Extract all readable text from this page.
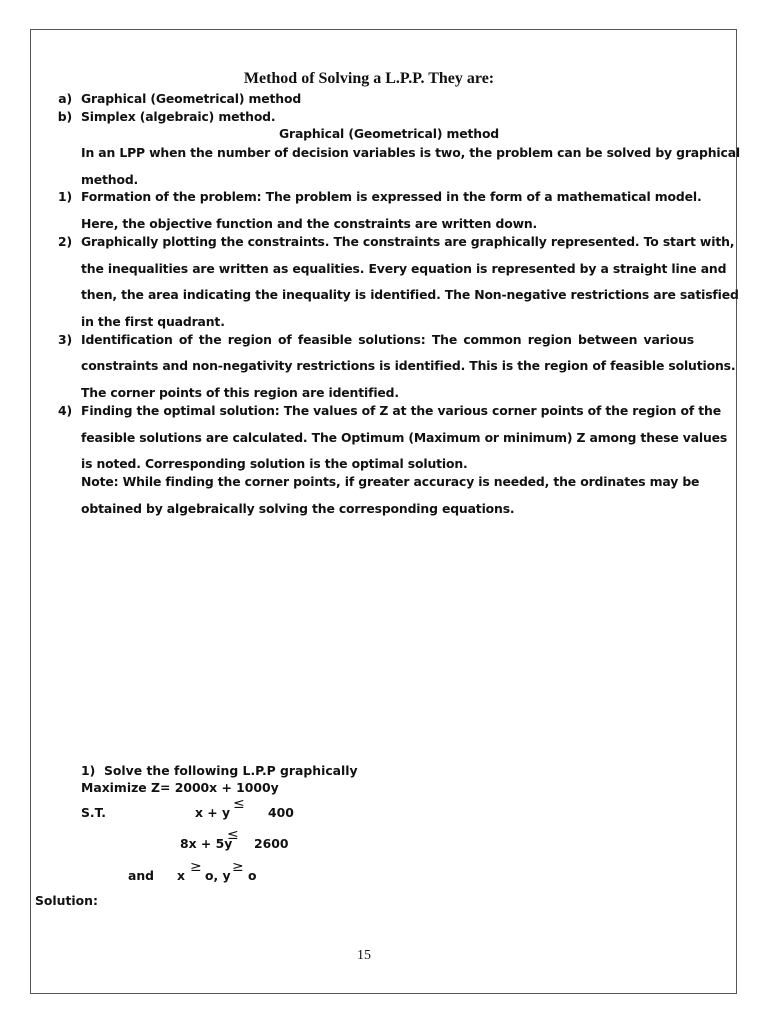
Method of Solving a L.P.P. They are:
a) Graphical (Geometrical) method
b) Simplex (algebraic) method.
Graphical (Geometrical) method
In an LPP when the number of decision variables is two, the problem can be solved by graphical
method.
1) Formation of the problem: The problem is expressed in the form of a mathematical model.
Here, the objective function and the constraints are written down.
2) Graphically plotting the constraints. The constraints are graphically represented. To start with,
the inequalities are written as equalities. Every equation is represented by a straight line and
then, the area indicating the inequality is identified. The Non-negative restrictions are satisfied
in the first quadrant.
3) Identification of the region of feasible solutions: The common region between various
constraints and non-negativity restrictions is identified. This is the region of feasible solutions.
The corner points of this region are identified.
4) Finding the optimal solution: The values of Z at the various corner points of the region of the
feasible solutions are calculated. The Optimum (Maximum or minimum) Z among these values
is noted. Corresponding solution is the optimal solution.
Note: While finding the corner points, if greater accuracy is needed, the ordinates may be
obtained by algebraically solving the corresponding equations.
1) Solve the following L.P.P graphically
Maximize Z= 2000x + 1000y
S.T.	x + y
≤
400
8x + 5y
≤
2600
and x
≥
o, y
≥
o
Solution:
15
